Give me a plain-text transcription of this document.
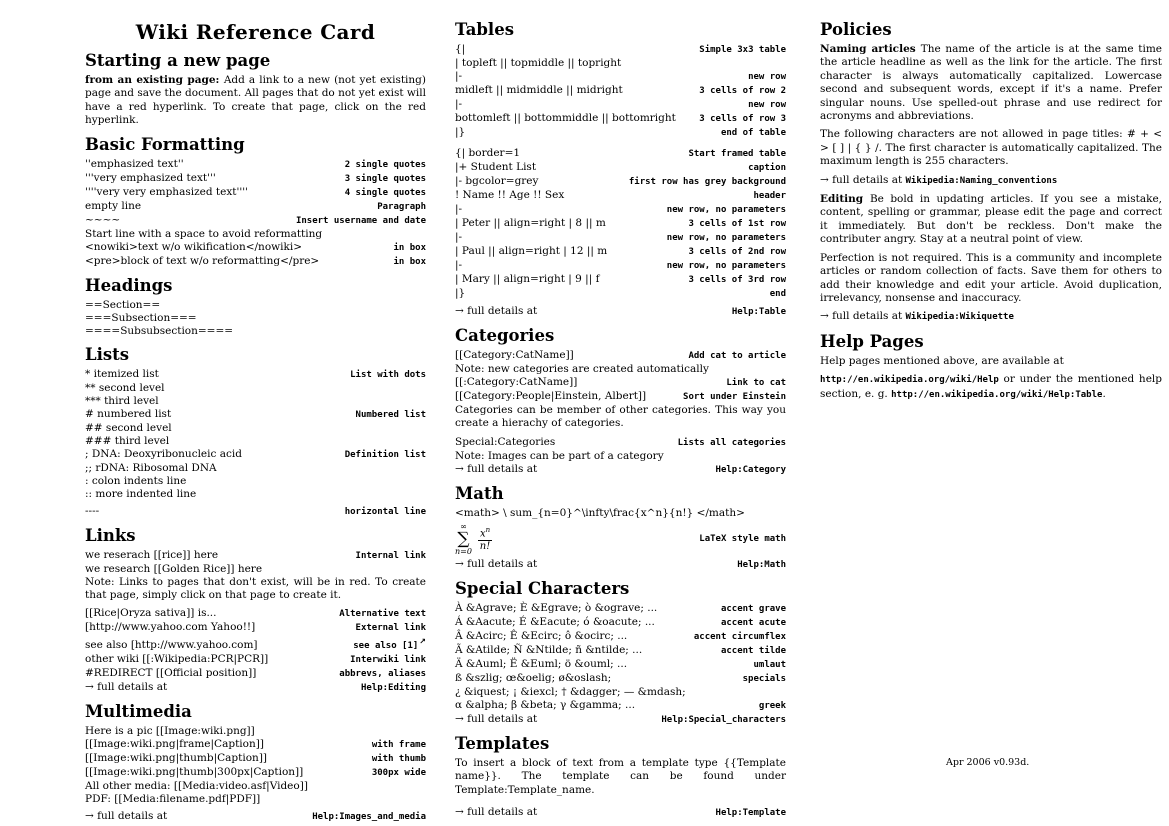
Wiki Reference Card
Starting a new page
from an existing page: Add a link to a new (not yet existing) page and save the document. All pages that do not yet exist will have a red hyperlink. To create that page, click on the red hyperlink.
Basic Formatting
''emphasized text''	2 single quotes
'''very emphasized text'''	3 single quotes
''''very very emphasized text''''	4 single quotes
empty line	Paragraph
~~~~	Insert username and date
Start line with a space to avoid reformatting
<nowiki>text w/o wikification</nowiki>	in box
<pre>block of text w/o reformatting</pre>	in box
Headings
==Section==
===Subsection===
====Subsubsection====
Lists
* itemized list	List with dots
** second level
*** third level
# numbered list	Numbered list
## second level
### third level
; DNA: Deoxyribonucleic acid	Definition list
;; rDNA: Ribosomal DNA
: colon indents line
:: more indented line
----	horizontal line
Links
we reserach [[rice]] here	Internal link
we research [[Golden Rice]] here
Note: Links to pages that don't exist, will be in red. To create that page, simply click on that page to create it.
[[Rice|Oryza sativa]] is...	Alternative text
[http://www.yahoo.com Yahoo!!]	External link
see also [http://www.yahoo.com]	see also [1]↗
other wiki [[:Wikipedia:PCR|PCR]]	Interwiki link
#REDIRECT [[Official position]]	abbrevs, aliases
→ full details at	Help:Editing
Multimedia
Here is a pic [[Image:wiki.png]]
[[Image:wiki.png|frame|Caption]]	with frame
[[Image:wiki.png|thumb|Caption]]	with thumb
[[Image:wiki.png|thumb|300px|Caption]]	300px wide
All other media: [[Media:video.asf|Video]]
PDF: [[Media:filename.pdf|PDF]]
→ full details at	Help:Images_and_media
Tables
{|	Simple 3x3 table
| topleft || topmiddle || topright
|-	new row
midleft || midmiddle || midright	3 cells of row 2
|-	new row
bottomleft || bottommiddle || bottomright	3 cells of row 3
|}	end of table
{| border=1	Start framed table
|+ Student List	caption
|- bgcolor=grey	first row has grey background
! Name !! Age !! Sex	header
|-	new row, no parameters
| Peter || align=right | 8 || m	3 cells of 1st row
|-	new row, no parameters
| Paul || align=right | 12 || m	3 cells of 2nd row
|-	new row, no parameters
| Mary || align=right | 9 || f	3 cells of 3rd row
|}	end
→ full details at	Help:Table
Categories
[[Category:CatName]]	Add cat to article
Note: new categories are created automatically
[[:Category:CatName]]	Link to cat
[[Category:People|Einstein, Albert]]	Sort under Einstein
Categories can be member of other categories. This way you create a hierachy of categories.
Special:Categories	Lists all categories
Note: Images can be part of a category
→ full details at	Help:Category
Math
<math> \ sum_{n=0}^\infty\frac{x^n}{n!} </math>
∞
∑
$n=0 \frac{x^n}{n!}$	LaTeX style math
→ full details at	Help:Math
Special Characters
À &Agrave; È &Egrave; ò &ograve; ...	accent grave
Á &Aacute; É &Eacute; ó &oacute; ...	accent acute
Â &Acirc; Ê &Ecirc; ô &ocirc; ...	accent circumflex
Ã &Atilde; Ñ &Ntilde; ñ &ntilde; ...	accent tilde
Ä &Auml; Ë &Euml; ö &ouml; ...	umlaut
ß &szlig; œ&oelig; ø&oslash;	specials
¿ &iquest; ¡ &iexcl; † &dagger; — &mdash;
α &alpha; β &beta; γ &gamma; ...	greek
→ full details at	Help:Special_characters
Templates
To insert a block of text from a template type {{Template name}}. The template can be found under Template:Template_name.
→ full details at	Help:Template
Policies
Naming articles The name of the article is at the same time the article headline as well as the link for the article. The first character is always automatically capitalized. Lowercase second and subsequent words, except if it's a name. Prefer singular nouns. Use spelled-out phrase and use redirect for acronyms and abbreviations.
The following characters are not allowed in page titles: # + < > [ ] | { } /. The first character is automatically capitalized. The maximum length is 255 characters.
→ full details at Wikipedia:Naming_conventions
Editing Be bold in updating articles. If you see a mistake, content, spelling or grammar, please edit the page and correct it immediately. But don't be reckless. Don't make the contributer angry. Stay at a neutral point of view.
Perfection is not required. This is a community and incomplete articles or random collection of facts. Save them for others to add their knowledge and edit your article. Avoid duplication, irrelevancy, nonsense and inaccuracy.
→ full details at Wikipedia:Wikiquette
Help Pages
Help pages mentioned above, are available at
http://en.wikipedia.org/wiki/Help or under the mentioned help section, e. g. http://en.wikipedia.org/wiki/Help:Table.
Apr 2006 v0.93d.
